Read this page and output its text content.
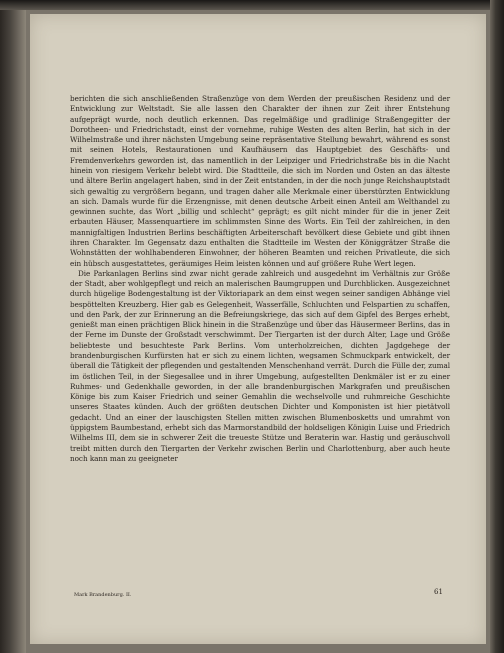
berichten die sich anschließenden Straßenzüge von dem Werden der preußischen Residenz und der Entwicklung zur Weltstadt. Sie alle lassen den Charakter der ihnen zur Zeit ihrer Entstehung aufgeprägt wurde, noch deutlich erkennen. Das regelmäßige und gradlinige Straßengegitter der Dorotheen- und Friedrichstadt, einst der vornehme, ruhige Westen des alten Berlin, hat sich in der Wilhelmstraße und ihrer nächsten Umgebung seine repräsentative Stellung bewahrt, während es sonst mit seinen Hotels, Restaurationen und Kaufhäusern das Hauptgebiet des Geschäfts- und Fremdenverkehrs geworden ist, das namentlich in der Leipziger und Friedrichstraße bis in die Nacht hinein von riesigem Verkehr belebt wird. Die Stadtteile, die sich im Norden und Osten an das älteste und ältere Berlin angelagert haben, sind in der Zeit entstanden, in der die noch junge Reichshauptstadt sich gewaltig zu vergrößern begann, und tragen daher alle Merkmale einer überstürzten Entwicklung an sich. Damals wurde für die Erzengnisse, mit denen deutsche Arbeit einen Anteil am Welthandel zu gewinnen suchte, das Wort „billig und schlecht“ geprägt; es gilt nicht minder für die in jener Zeit erbauten Häuser, Massenquartiere im schlimmsten Sinne des Worts. Ein Teil der zahlreichen, in den mannigfaltigen Industrien Berlins beschäftigten Arbeiterschaft bevölkert diese Gebiete und gibt ihnen ihren Charakter. Im Gegensatz dazu enthalten die Stadtteile im Westen der Königgrätzer Straße die Wohnstätten der wohlhabenderen Einwohner, der höheren Beamten und reichen Privatleute, die sich ein hübsch ausgestattetes, geräumiges Heim leisten können und auf größere Ruhe Wert legen.

Die Parkanlagen Berlins sind zwar nicht gerade zahlreich und ausgedehnt im Verhältnis zur Größe der Stadt, aber wohlgepflegt und reich an malerischen Baumgruppen und Durchblicken. Ausgezeichnet durch hügelige Bodengestaltung ist der Viktoriapark an dem einst wegen seiner sandigen Abhänge viel bespöttelten Kreuzberg. Hier gab es Gelegenheit, Wasserfälle, Schluchten und Felspartien zu schaffen, und den Park, der zur Erinnerung an die Befreiungskriege, das sich auf dem Gipfel des Berges erhebt, genießt man einen prächtigen Blick hinein in die Straßenzüge und über das Häusermeer Berlins, das in der Ferne im Dunste der Großstadt verschwimmt. Der Tiergarten ist der durch Alter, Lage und Größe beliebteste und besuchteste Park Berlins. Vom unterholzreichen, dichten Jagdgehege der brandenburgischen Kurfürsten hat er sich zu einem lichten, wegsamen Schmuckpark entwickelt, der überall die Tätigkeit der pflegenden und gestaltenden Menschenhand verrät. Durch die Fülle der, zumal im östlichen Teil, in der Siegesallee und in ihrer Umgebung, aufgestellten Denkmäler ist er zu einer Ruhmes- und Gedenkhalle geworden, in der alle brandenburgischen Markgrafen und preußischen Könige bis zum Kaiser Friedrich und seiner Gemahlin die wechselvolle und ruhmreiche Geschichte unseres Staates künden. Auch der größten deutschen Dichter und Komponisten ist hier pietätvoll gedacht. Und an einer der lauschigsten Stellen mitten zwischen Blumenbosketts und umrahmt von üppigstem Baumbestand, erhebt sich das Marmorstandbild der holdseligen Königin Luise und Friedrich Wilhelms III, dem sie in schwerer Zeit die treueste Stütze und Beraterin war. Hastig und geräuschvoll treibt mitten durch den Tiergarten der Verkehr zwischen Berlin und Charlottenburg, aber auch heute noch kann man zu geeigneter

Mark Brandenburg. II.	61
